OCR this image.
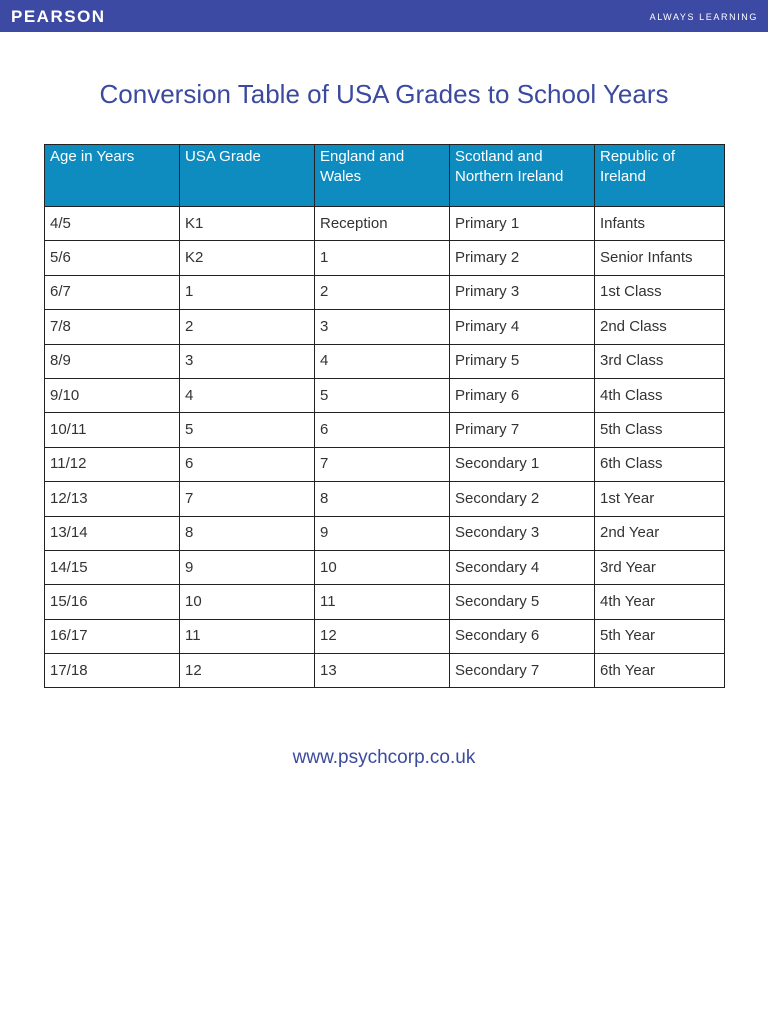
PEARSON	ALWAYS LEARNING
Conversion Table of USA Grades to School Years
Age in Years	USA Grade	England and Wales	Scotland and Northern Ireland	Republic of Ireland
4/5	K1	Reception	Primary 1	Infants
5/6	K2	1	Primary 2	Senior Infants
6/7	1	2	Primary 3	1st Class
7/8	2	3	Primary 4	2nd Class
8/9	3	4	Primary 5	3rd Class
9/10	4	5	Primary 6	4th Class
10/11	5	6	Primary 7	5th Class
11/12	6	7	Secondary 1	6th Class
12/13	7	8	Secondary 2	1st Year
13/14	8	9	Secondary 3	2nd Year
14/15	9	10	Secondary 4	3rd Year
15/16	10	11	Secondary 5	4th Year
16/17	11	12	Secondary 6	5th Year
17/18	12	13	Secondary 7	6th Year
www.psychcorp.co.uk
